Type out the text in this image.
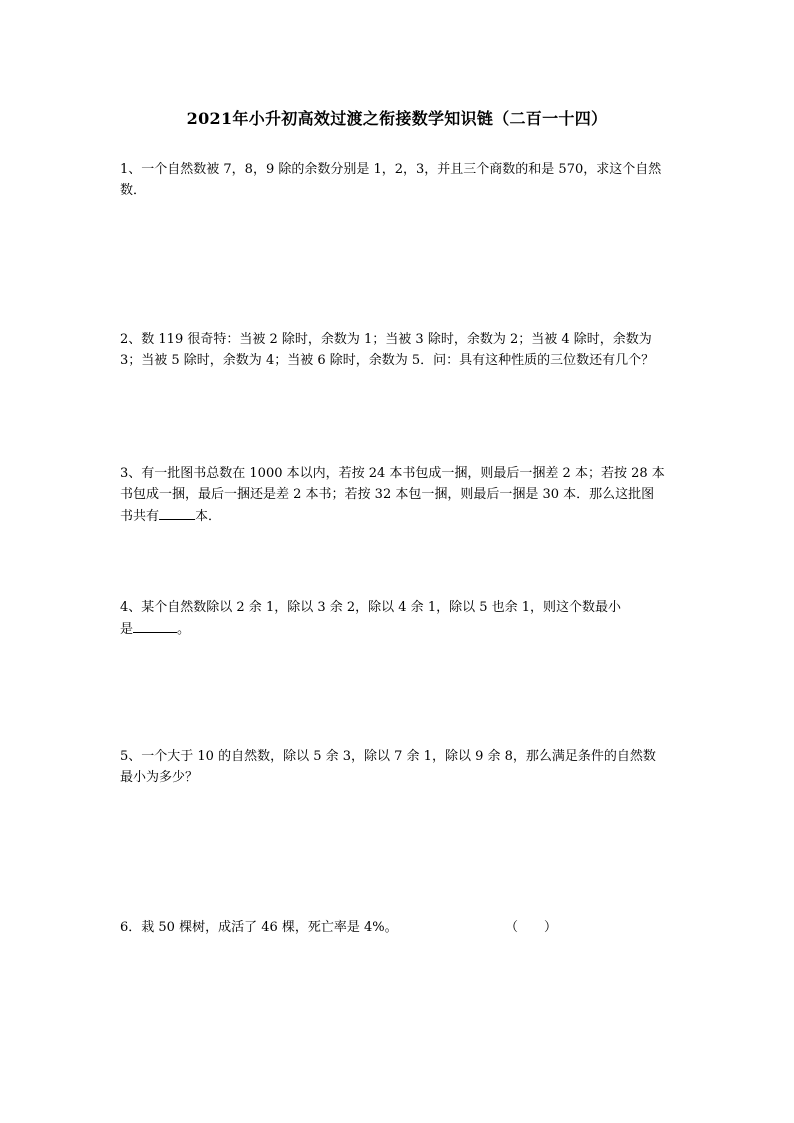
2021年小升初高效过渡之衔接数学知识链（二百一十四）
1、一个自然数被 7，8，9 除的余数分别是 1，2，3，并且三个商数的和是 570，求这个自然
数．
2、数 119 很奇特：当被 2 除时，余数为 1；当被 3 除时，余数为 2；当被 4 除时，余数为
3；当被 5 除时，余数为 4；当被 6 除时，余数为 5．问：具有这种性质的三位数还有几个？
3、有一批图书总数在 1000 本以内，若按 24 本书包成一捆，则最后一捆差 2 本；若按 28 本
书包成一捆，最后一捆还是差 2 本书；若按 32 本包一捆，则最后一捆是 30 本．那么这批图
书共有	本．
4、某个自然数除以 2 余 1，除以 3 余 2，除以 4 余 1，除以 5 也余 1，则这个数最小
是	。
5、一个大于 10 的自然数，除以 5 余 3，除以 7 余 1，除以 9 余 8，那么满足条件的自然数
最小为多少？
6．栽 50 棵树，成活了 46 棵，死亡率是 4%。	（　　）
